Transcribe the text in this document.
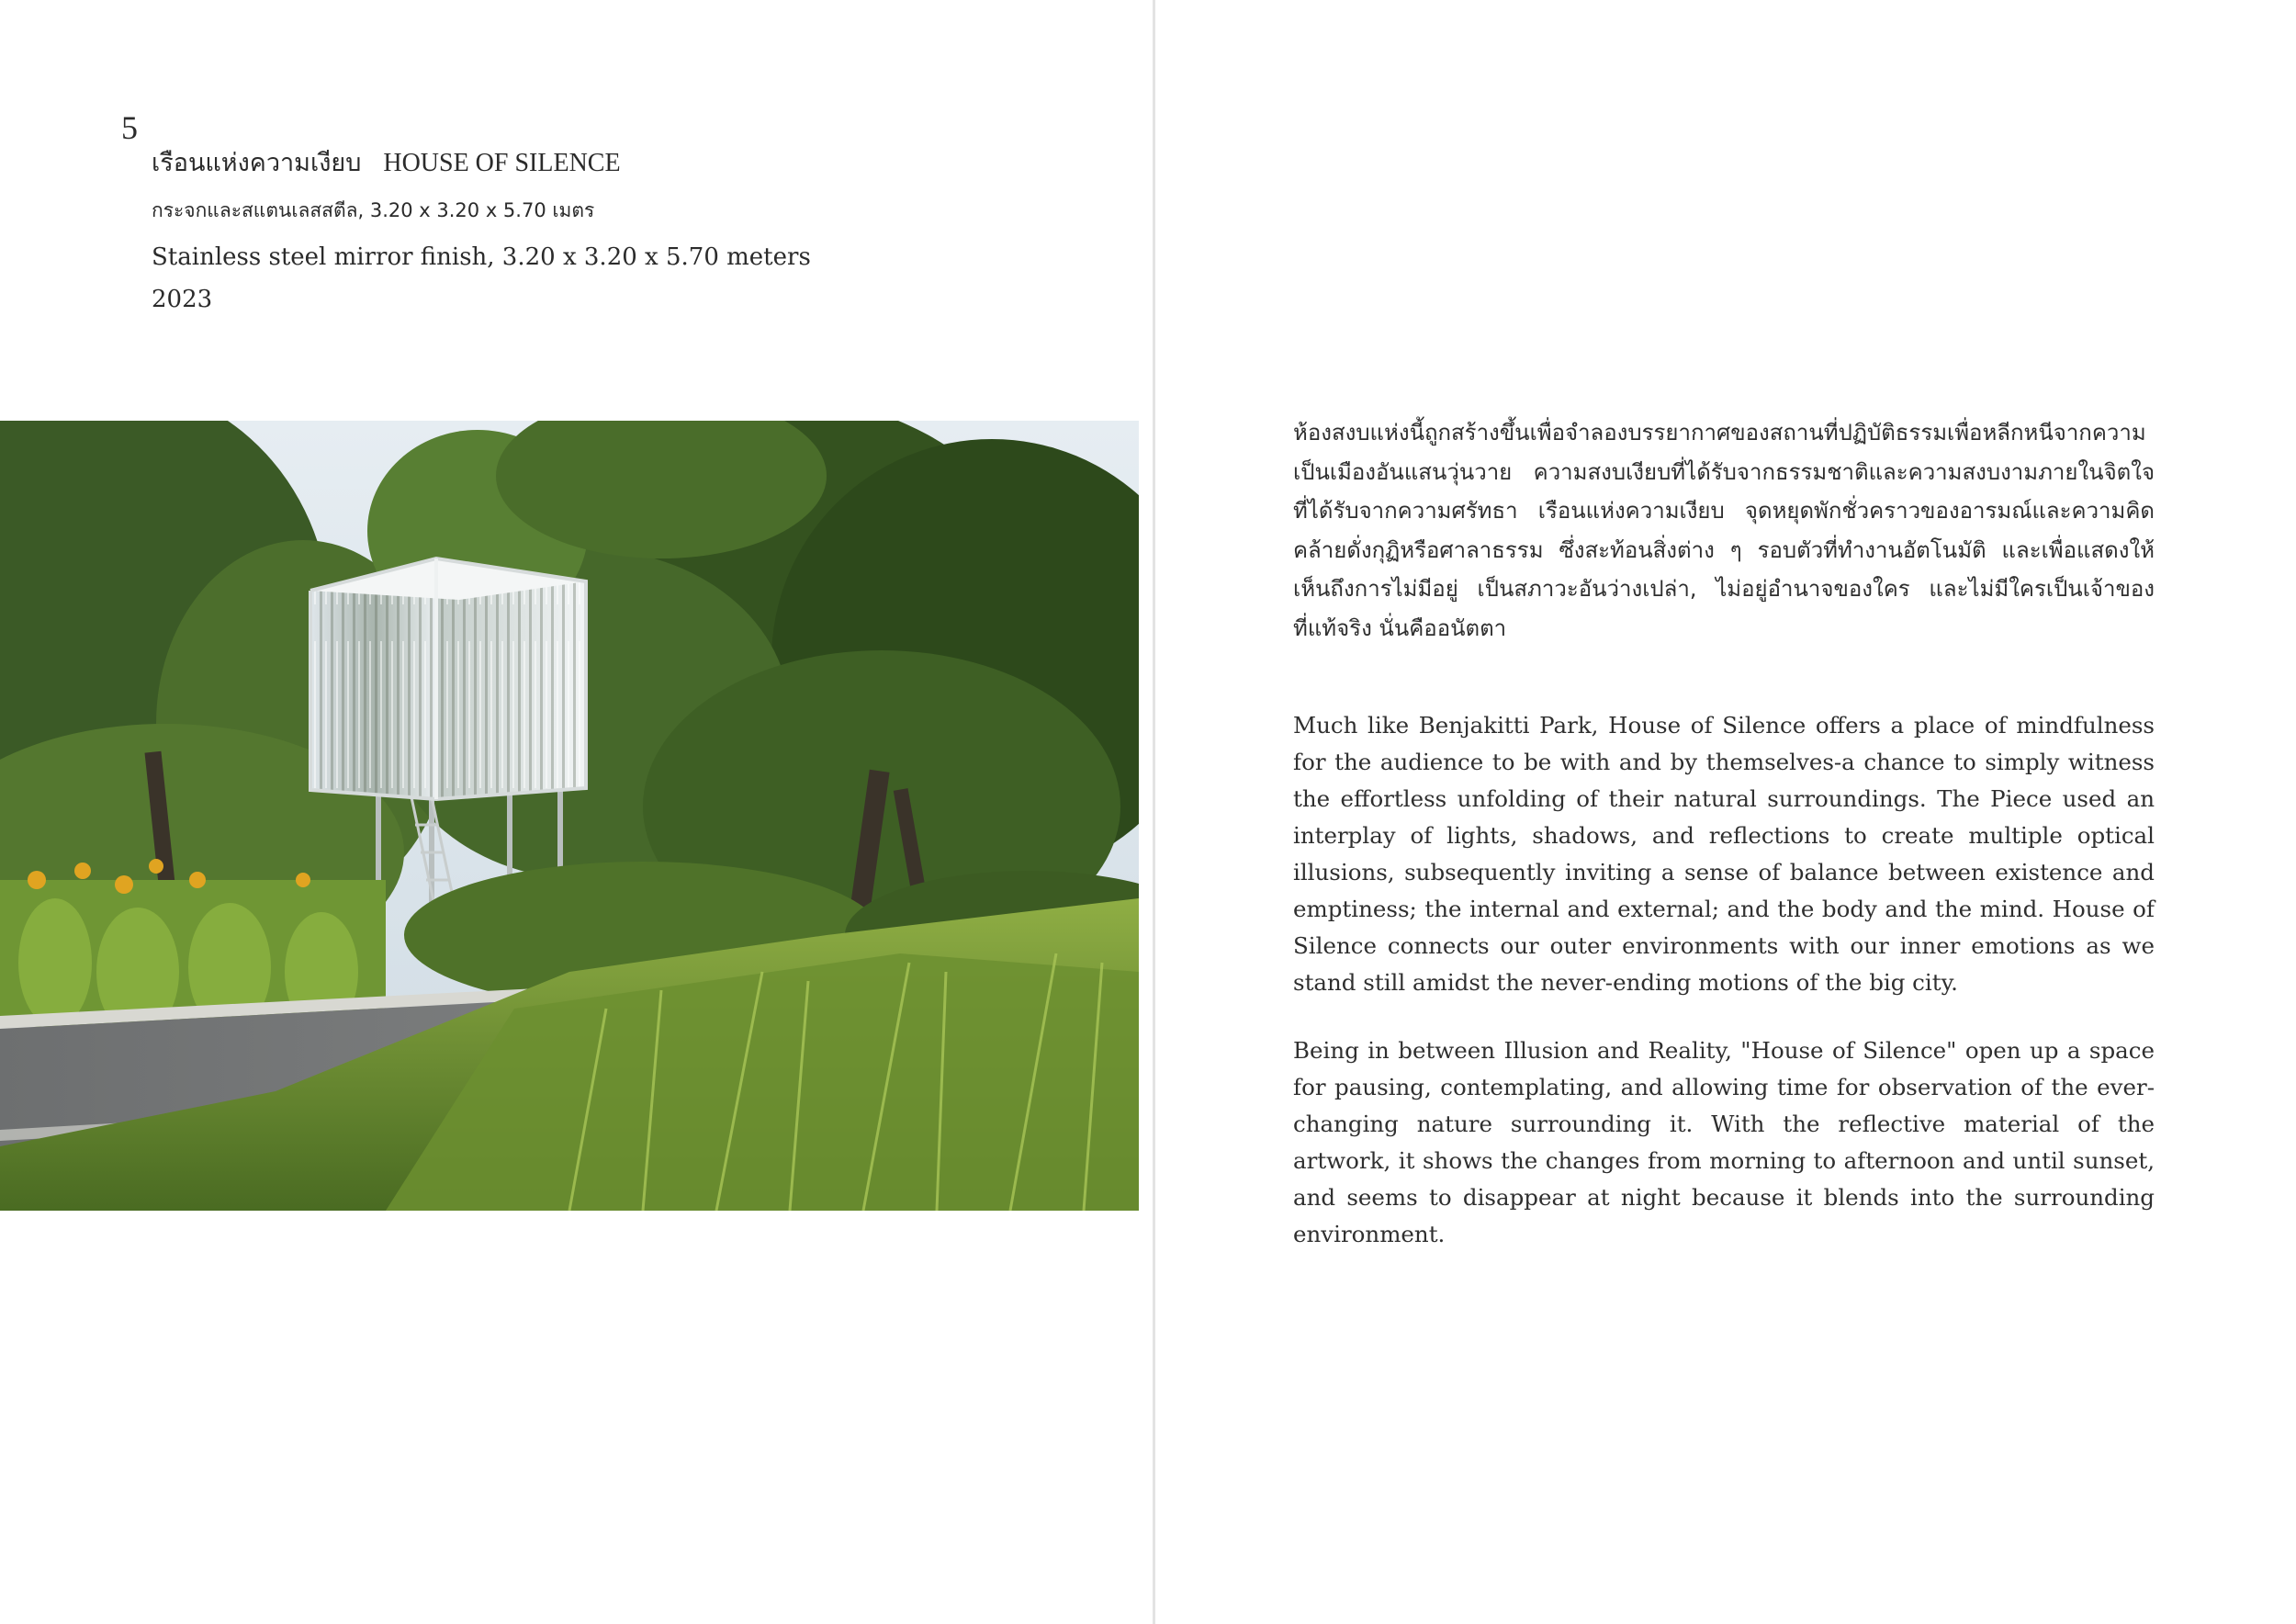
5
เรือนแห่งความเงียบ HOUSE OF SILENCE
กระจกและสแตนเลสสตีล, 3.20 x 3.20 x 5.70 เมตร
Stainless steel mirror finish, 3.20 x 3.20 x 5.70 meters
2023

ห้องสงบแห่งนี้ถูกสร้างขึ้นเพื่อจำลองบรรยากาศของสถานที่ปฏิบัติธรรมเพื่อหลีกหนีจากความเป็นเมืองอันแสนวุ่นวาย ความสงบเงียบที่ได้รับจากธรรมชาติและความสงบงามภายในจิตใจที่ได้รับจากความศรัทธา เรือนแห่งความเงียบ จุดหยุดพักชั่วคราวของอารมณ์และความคิดคล้ายดั่งกุฏิหรือศาลาธรรม ซึ่งสะท้อนสิ่งต่าง ๆ รอบตัวที่ทำงานอัตโนมัติ และเพื่อแสดงให้เห็นถึงการไม่มีอยู่ เป็นสภาวะอันว่างเปล่า, ไม่อยู่อำนาจของใคร และไม่มีใครเป็นเจ้าของที่แท้จริง นั่นคืออนัตตา

Much like Benjakitti Park, House of Silence offers a place of mindfulness for the audience to be with and by themselves-a chance to simply witness the effortless unfolding of their natural surroundings. The Piece used an interplay of lights, shadows, and reflections to create multiple optical illusions, subsequently inviting a sense of balance between existence and emptiness; the internal and external; and the body and the mind. House of Silence connects our outer environments with our inner emotions as we stand still amidst the never-ending motions of the big city.

Being in between Illusion and Reality, "House of Silence" open up a space for pausing, contemplating, and allowing time for observation of the ever-changing nature surrounding it. With the reflective material of the artwork, it shows the changes from morning to afternoon and until sunset, and seems to disappear at night because it blends into the surrounding environment.
